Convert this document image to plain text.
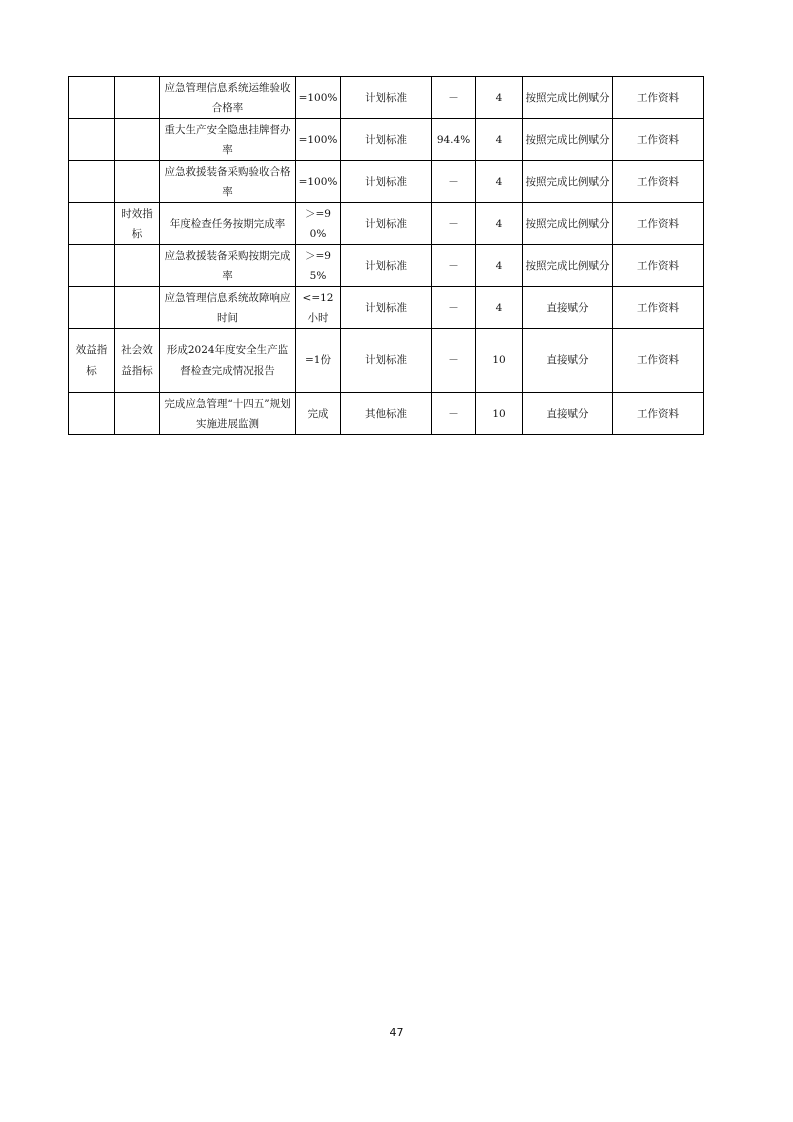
		应急管理信息系统运维验收合格率	=100%	计划标准	－	4	按照完成比例赋分	工作资料
		重大生产安全隐患挂牌督办率	=100%	计划标准	94.4%	4	按照完成比例赋分	工作资料
		应急救援装备采购验收合格率	=100%	计划标准	－	4	按照完成比例赋分	工作资料
	时效指标	年度检查任务按期完成率	＞=90%	计划标准	－	4	按照完成比例赋分	工作资料
		应急救援装备采购按期完成率	＞=95%	计划标准	－	4	按照完成比例赋分	工作资料
		应急管理信息系统故障响应时间	<=12小时	计划标准	－	4	直接赋分	工作资料
效益指标	社会效益指标	形成2024年度安全生产监督检查完成情况报告	=1份	计划标准	－	10	直接赋分	工作资料
		完成应急管理“十四五”规划实施进展监测	完成	其他标准	－	10	直接赋分	工作资料
47
